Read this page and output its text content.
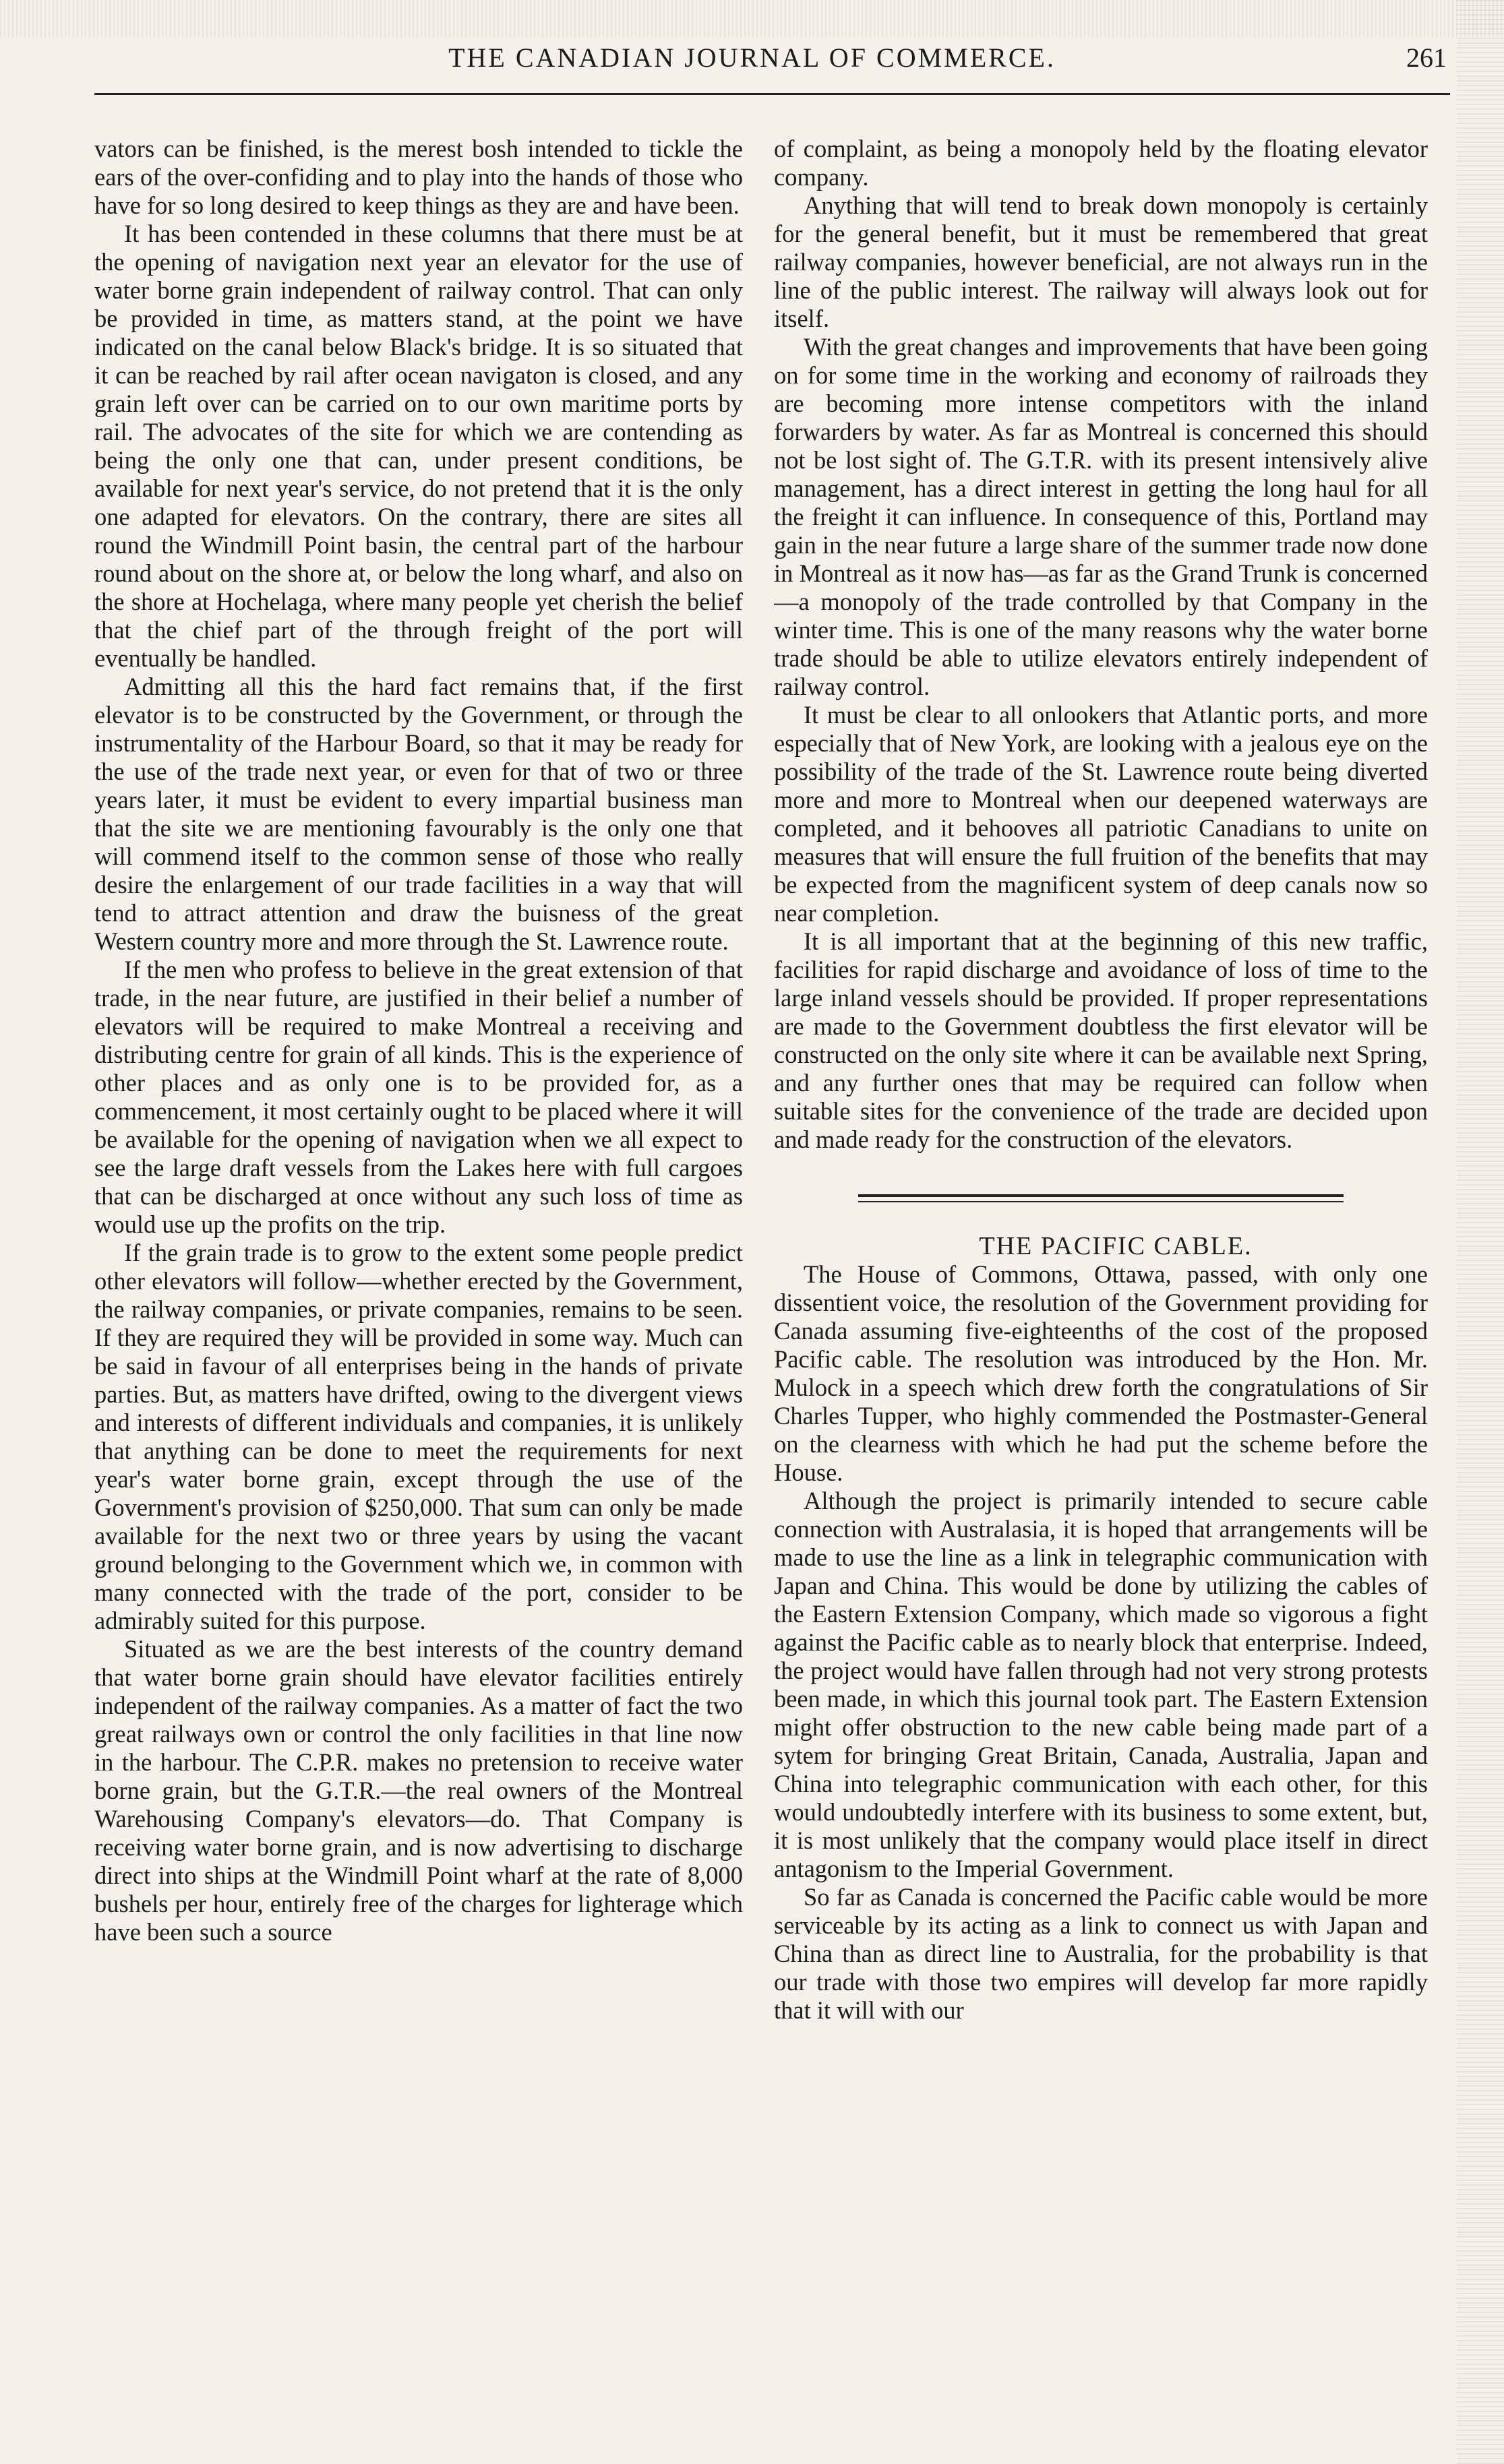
THE CANADIAN JOURNAL OF COMMERCE.	261

vators can be finished, is the merest bosh intended to tickle the ears of the over-confiding and to play into the hands of those who have for so long desired to keep things as they are and have been.

It has been contended in these columns that there must be at the opening of navigation next year an elevator for the use of water borne grain independent of railway control. That can only be provided in time, as matters stand, at the point we have indicated on the canal below Black's bridge. It is so situated that it can be reached by rail after ocean navigaton is closed, and any grain left over can be carried on to our own maritime ports by rail. The advocates of the site for which we are contending as being the only one that can, under present conditions, be available for next year's service, do not pretend that it is the only one adapted for elevators. On the contrary, there are sites all round the Windmill Point basin, the central part of the harbour round about on the shore at, or below the long wharf, and also on the shore at Hochelaga, where many people yet cherish the belief that the chief part of the through freight of the port will eventually be handled.

Admitting all this the hard fact remains that, if the first elevator is to be constructed by the Government, or through the instrumentality of the Harbour Board, so that it may be ready for the use of the trade next year, or even for that of two or three years later, it must be evident to every impartial business man that the site we are mentioning favourably is the only one that will commend itself to the common sense of those who really desire the enlargement of our trade facilities in a way that will tend to attract attention and draw the buisness of the great Western country more and more through the St. Lawrence route.

If the men who profess to believe in the great extension of that trade, in the near future, are justified in their belief a number of elevators will be required to make Montreal a receiving and distributing centre for grain of all kinds. This is the experience of other places and as only one is to be provided for, as a commencement, it most certainly ought to be placed where it will be available for the opening of navigation when we all expect to see the large draft vessels from the Lakes here with full cargoes that can be discharged at once without any such loss of time as would use up the profits on the trip.

If the grain trade is to grow to the extent some people predict other elevators will follow—whether erected by the Government, the railway companies, or private companies, remains to be seen. If they are required they will be provided in some way. Much can be said in favour of all enterprises being in the hands of private parties. But, as matters have drifted, owing to the divergent views and interests of different individuals and companies, it is unlikely that anything can be done to meet the requirements for next year's water borne grain, except through the use of the Government's provision of $250,000. That sum can only be made available for the next two or three years by using the vacant ground belonging to the Government which we, in common with many connected with the trade of the port, consider to be admirably suited for this purpose.

Situated as we are the best interests of the country demand that water borne grain should have elevator facilities entirely independent of the railway companies. As a matter of fact the two great railways own or control the only facilities in that line now in the harbour. The C.P.R. makes no pretension to receive water borne grain, but the G.T.R.—the real owners of the Montreal Warehousing Company's elevators—do. That Company is receiving water borne grain, and is now advertising to discharge direct into ships at the Windmill Point wharf at the rate of 8,000 bushels per hour, entirely free of the charges for lighterage which have been such a source

of complaint, as being a monopoly held by the floating elevator company.

Anything that will tend to break down monopoly is certainly for the general benefit, but it must be remembered that great railway companies, however beneficial, are not always run in the line of the public interest. The railway will always look out for itself.

With the great changes and improvements that have been going on for some time in the working and economy of railroads they are becoming more intense competitors with the inland forwarders by water. As far as Montreal is concerned this should not be lost sight of. The G.T.R. with its present intensively alive management, has a direct interest in getting the long haul for all the freight it can influence. In consequence of this, Portland may gain in the near future a large share of the summer trade now done in Montreal as it now has—as far as the Grand Trunk is concerned—a monopoly of the trade controlled by that Company in the winter time. This is one of the many reasons why the water borne trade should be able to utilize elevators entirely independent of railway control.

It must be clear to all onlookers that Atlantic ports, and more especially that of New York, are looking with a jealous eye on the possibility of the trade of the St. Lawrence route being diverted more and more to Montreal when our deepened waterways are completed, and it behooves all patriotic Canadians to unite on measures that will ensure the full fruition of the benefits that may be expected from the magnificent system of deep canals now so near completion.

It is all important that at the beginning of this new traffic, facilities for rapid discharge and avoidance of loss of time to the large inland vessels should be provided. If proper representations are made to the Government doubtless the first elevator will be constructed on the only site where it can be available next Spring, and any further ones that may be required can follow when suitable sites for the convenience of the trade are decided upon and made ready for the construction of the elevators.

THE PACIFIC CABLE.

The House of Commons, Ottawa, passed, with only one dissentient voice, the resolution of the Government providing for Canada assuming five-eighteenths of the cost of the proposed Pacific cable. The resolution was introduced by the Hon. Mr. Mulock in a speech which drew forth the congratulations of Sir Charles Tupper, who highly commended the Postmaster-General on the clearness with which he had put the scheme before the House.

Although the project is primarily intended to secure cable connection with Australasia, it is hoped that arrangements will be made to use the line as a link in telegraphic communication with Japan and China. This would be done by utilizing the cables of the Eastern Extension Company, which made so vigorous a fight against the Pacific cable as to nearly block that enterprise. Indeed, the project would have fallen through had not very strong protests been made, in which this journal took part. The Eastern Extension might offer obstruction to the new cable being made part of a sytem for bringing Great Britain, Canada, Australia, Japan and China into telegraphic communication with each other, for this would undoubtedly interfere with its business to some extent, but, it is most unlikely that the company would place itself in direct antagonism to the Imperial Government.

So far as Canada is concerned the Pacific cable would be more serviceable by its acting as a link to connect us with Japan and China than as direct line to Australia, for the probability is that our trade with those two empires will develop far more rapidly that it will with our
